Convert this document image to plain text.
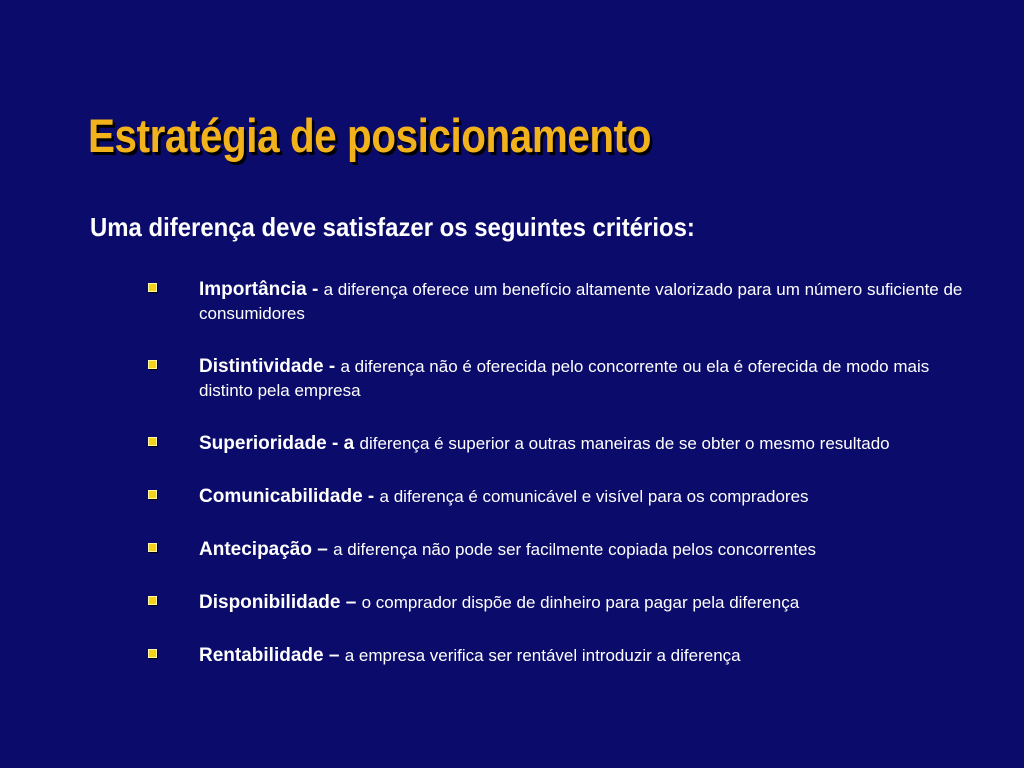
Estratégia de posicionamento
Uma diferença deve satisfazer os seguintes critérios:
Importância - a diferença oferece um benefício altamente valorizado para um número suficiente de consumidores
Distintividade - a diferença não é oferecida pelo concorrente ou ela é oferecida de modo mais distinto pela empresa
Superioridade - a diferença é superior a outras maneiras de se obter o mesmo resultado
Comunicabilidade - a diferença é comunicável e visível para os compradores
Antecipação – a diferença não pode ser facilmente copiada pelos concorrentes
Disponibilidade – o comprador dispõe de dinheiro para pagar pela diferença
Rentabilidade – a empresa verifica ser rentável introduzir a diferença
